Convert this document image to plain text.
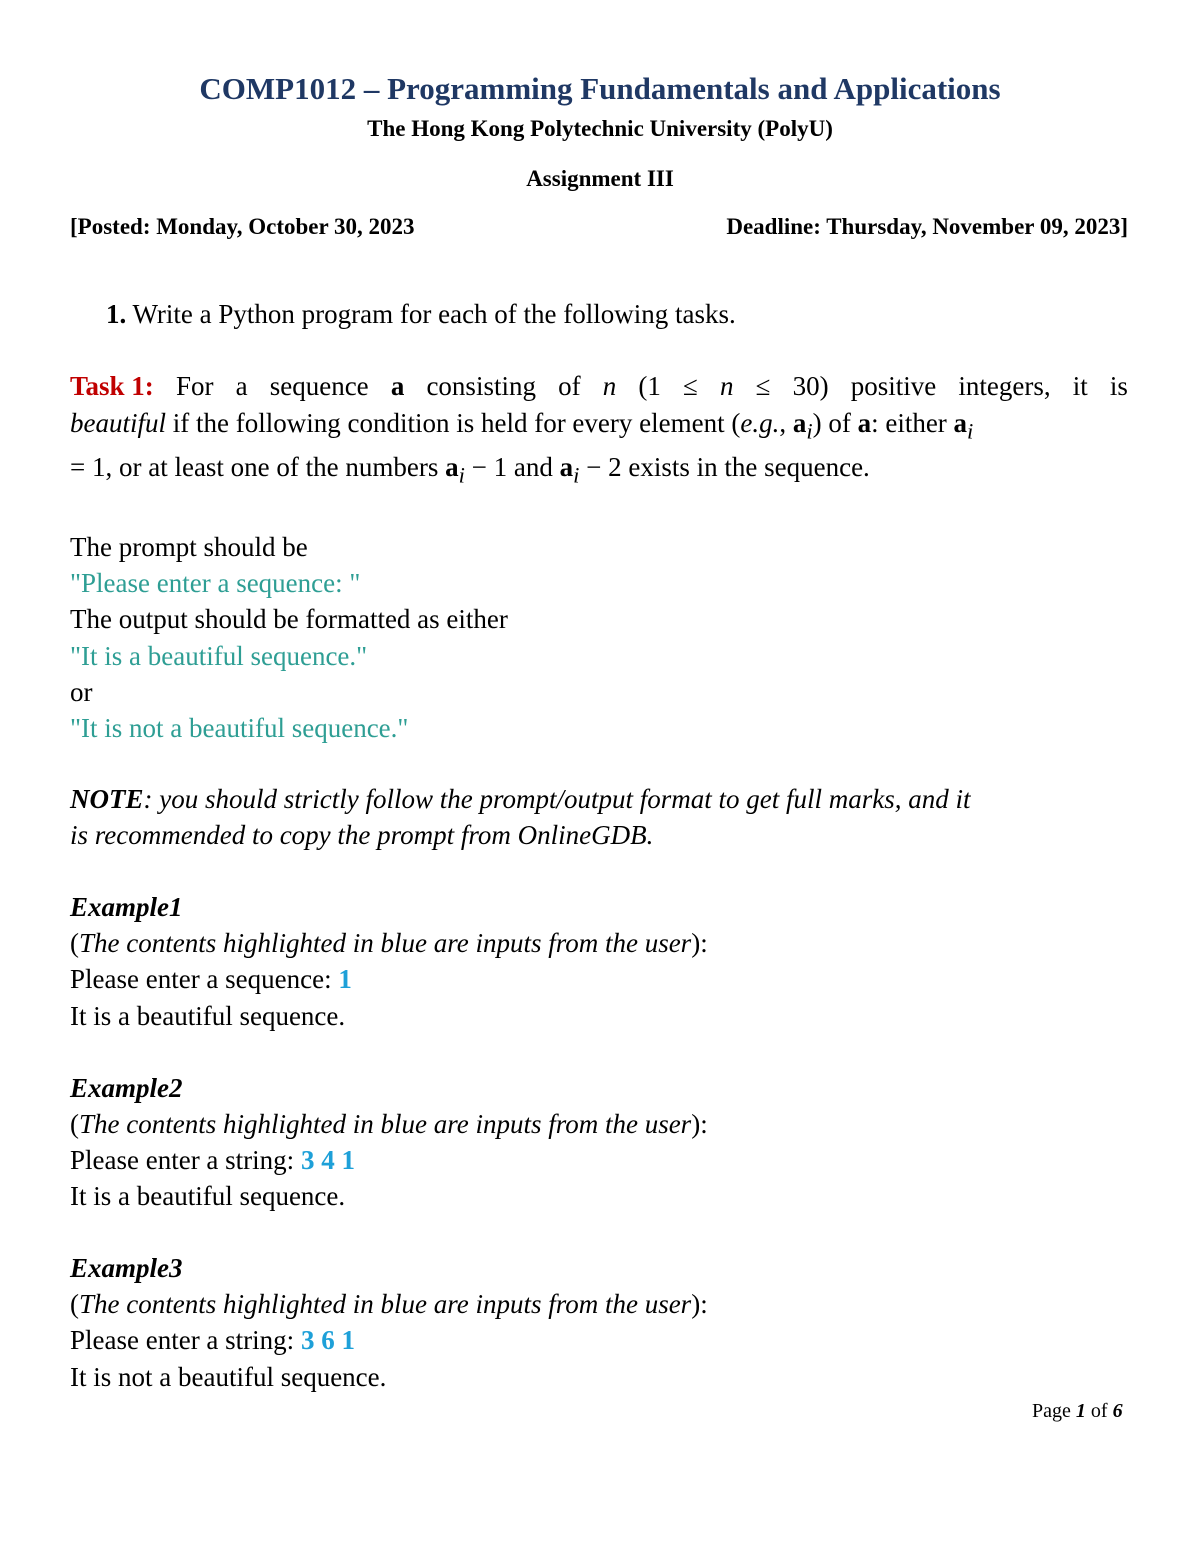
COMP1012 – Programming Fundamentals and Applications
The Hong Kong Polytechnic University (PolyU)
Assignment III
[Posted: Monday, October 30, 2023	Deadline: Thursday, November 09, 2023]
1. Write a Python program for each of the following tasks.
Task 1: For a sequence a consisting of n (1 ≤ n ≤ 30) positive integers, it is
beautiful if the following condition is held for every element (e.g., $a_i$) of a: either $a_i$
= 1, or at least one of the numbers $a_i - 1$ and $a_i - 2$ exists in the sequence.
The prompt should be
"Please enter a sequence: "
The output should be formatted as either
"It is a beautiful sequence."
or
"It is not a beautiful sequence."
NOTE: you should strictly follow the prompt/output format to get full marks, and it
is recommended to copy the prompt from OnlineGDB.
Example1
(The contents highlighted in blue are inputs from the user):
Please enter a sequence: 1
It is a beautiful sequence.
Example2
(The contents highlighted in blue are inputs from the user):
Please enter a string: 3 4 1
It is a beautiful sequence.
Example3
(The contents highlighted in blue are inputs from the user):
Please enter a string: 3 6 1
It is not a beautiful sequence.
Page 1 of 6
